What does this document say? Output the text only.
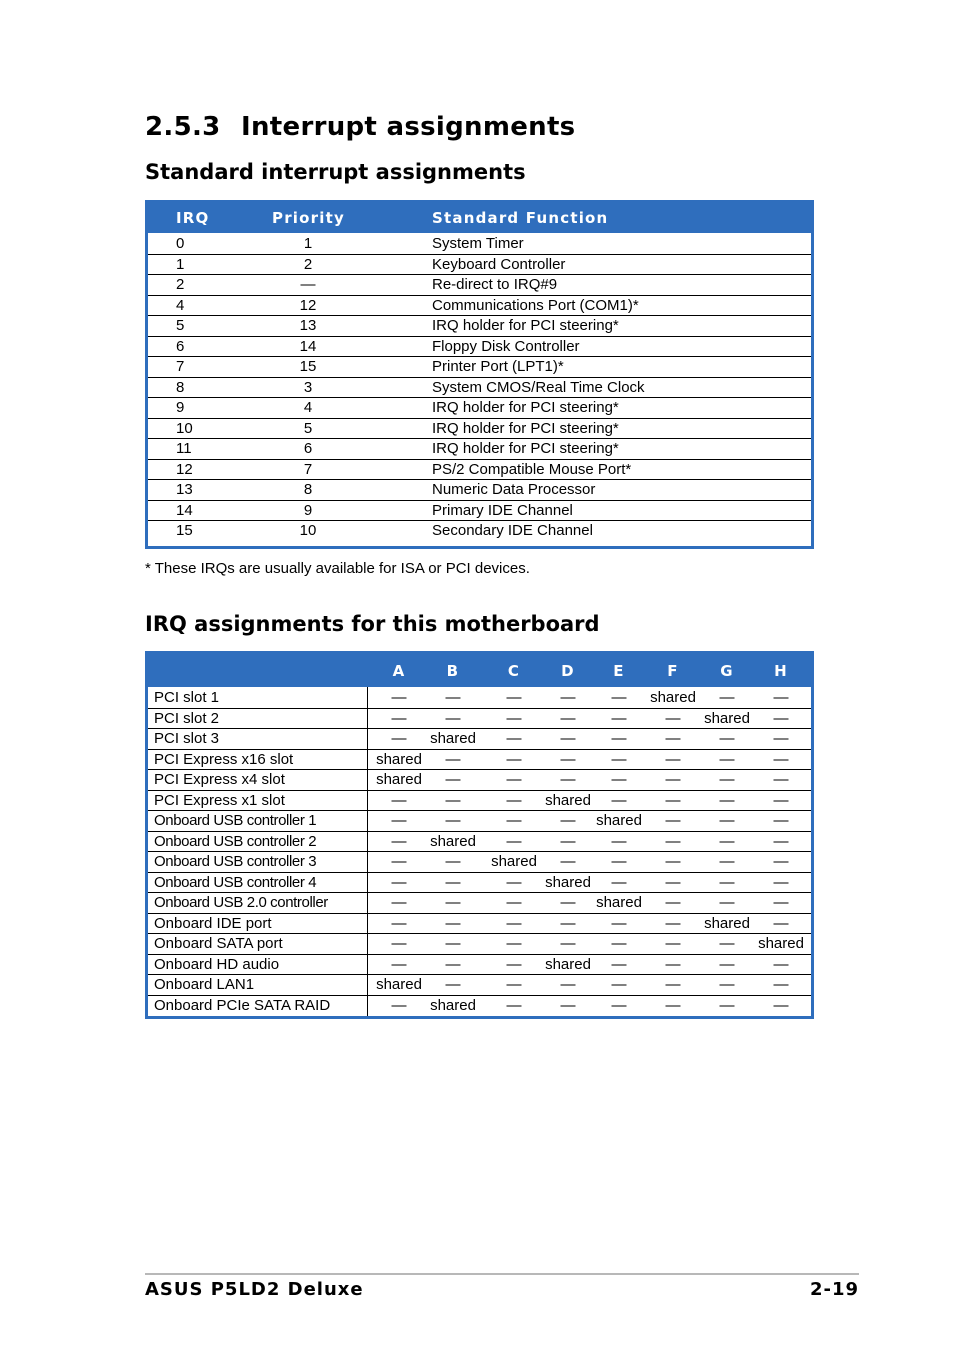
2.5.3 Interrupt assignments
Standard interrupt assignments
IRQ	Priority	Standard Function
0	1	System Timer
1	2	Keyboard Controller
2	—	Re-direct to IRQ#9
4	12	Communications Port (COM1)*
5	13	IRQ holder for PCI steering*
6	14	Floppy Disk Controller
7	15	Printer Port (LPT1)*
8	3	System CMOS/Real Time Clock
9	4	IRQ holder for PCI steering*
10	5	IRQ holder for PCI steering*
11	6	IRQ holder for PCI steering*
12	7	PS/2 Compatible Mouse Port*
13	8	Numeric Data Processor
14	9	Primary IDE Channel
15	10	Secondary IDE Channel

* These IRQs are usually available for ISA or PCI devices.

IRQ assignments for this motherboard
A	B	C	D	E	F	G	H
PCI slot 1	—	—	—	—	—	shared	—	—
PCI slot 2	—	—	—	—	—	—	shared	—
PCI slot 3	—	shared	—	—	—	—	—	—
PCI Express x16 slot	shared	—	—	—	—	—	—	—
PCI Express x4 slot	shared	—	—	—	—	—	—	—
PCI Express x1 slot	—	—	—	shared	—	—	—	—
Onboard USB controller 1	—	—	—	—	shared	—	—	—
Onboard USB controller 2	—	shared	—	—	—	—	—	—
Onboard USB controller 3	—	—	shared	—	—	—	—	—
Onboard USB controller 4	—	—	—	shared	—	—	—	—
Onboard USB 2.0 controller	—	—	—	—	shared	—	—	—
Onboard IDE port	—	—	—	—	—	—	shared	—
Onboard SATA port	—	—	—	—	—	—	—	shared
Onboard HD audio	—	—	—	shared	—	—	—	—
Onboard LAN1	shared	—	—	—	—	—	—	—
Onboard PCIe SATA RAID	—	shared	—	—	—	—	—	—

ASUS P5LD2 Deluxe	2-19
